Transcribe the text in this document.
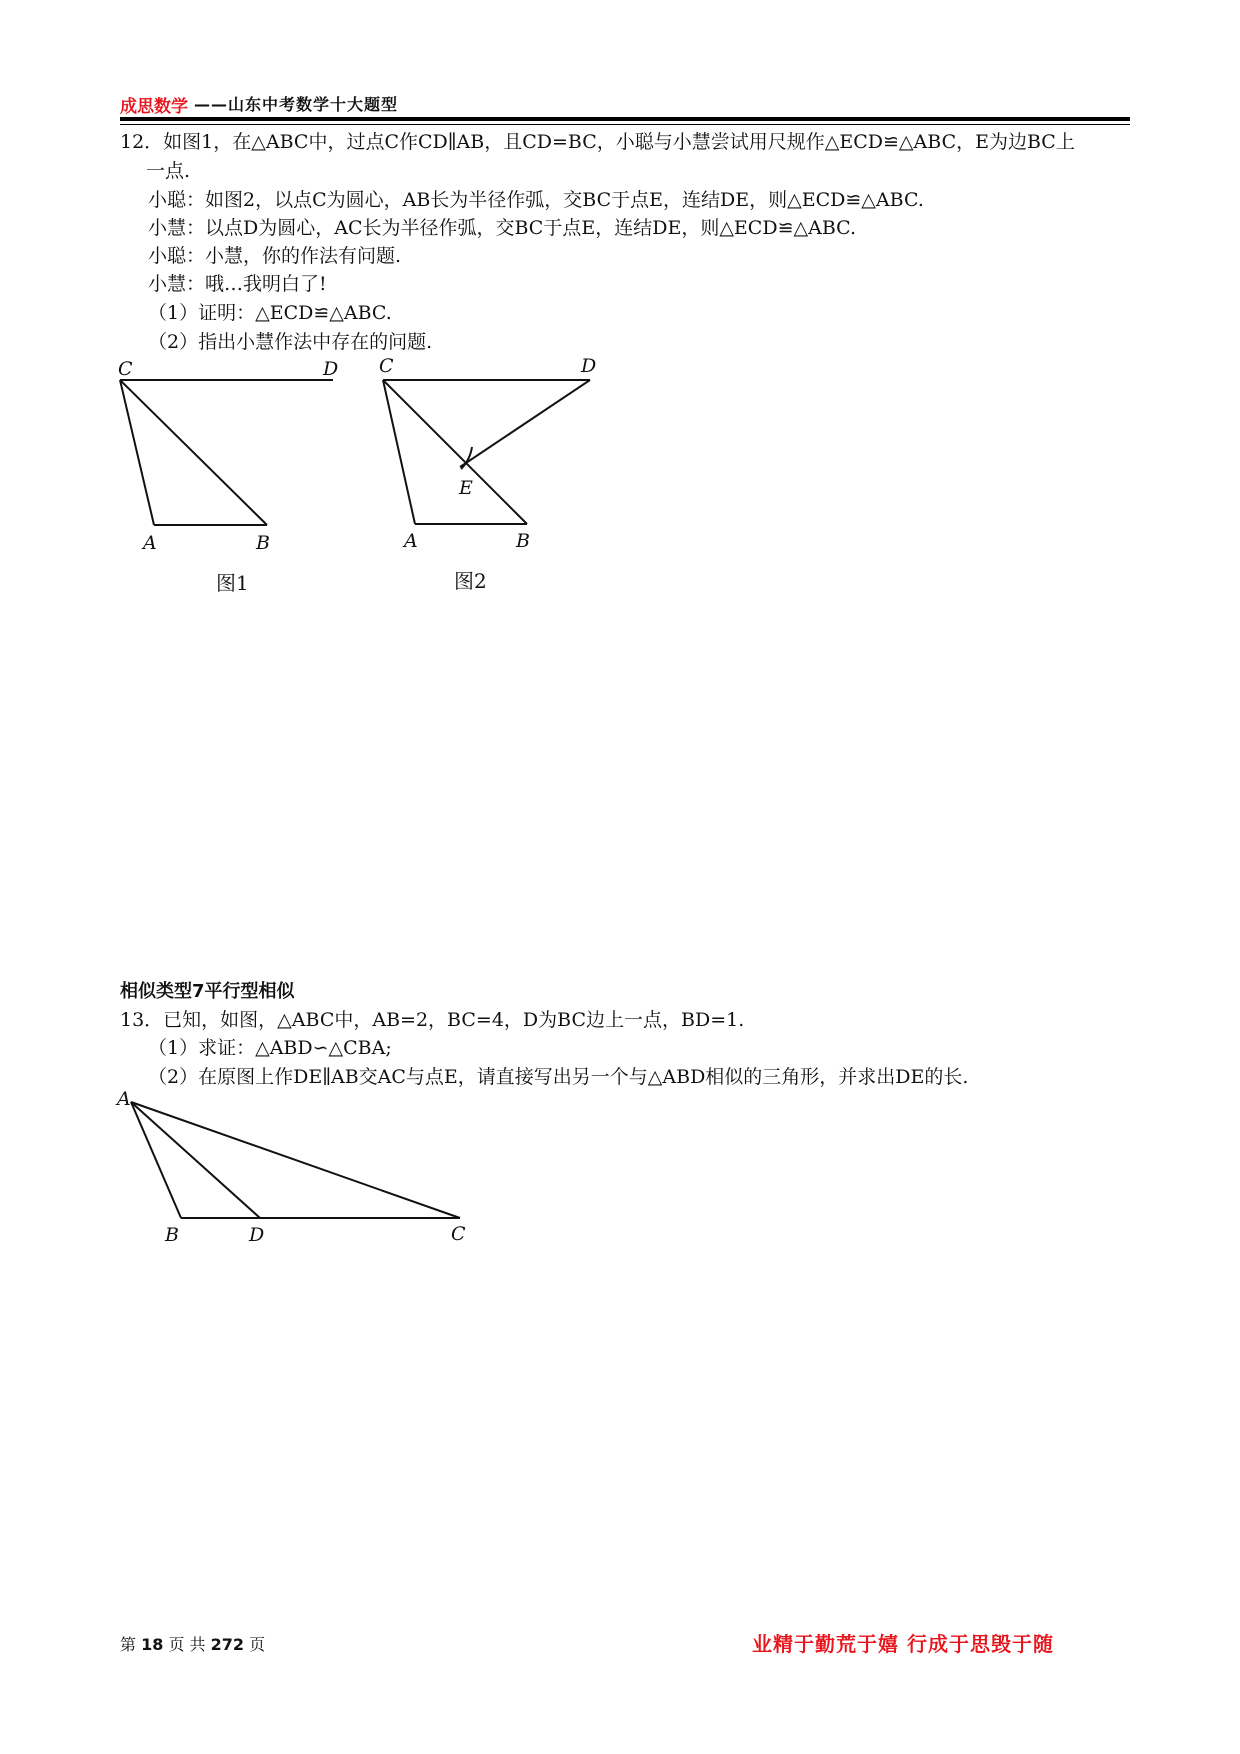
成思数学 ——山东中考数学十大题型
12．如图1，在△ABC中，过点C作CD∥AB，且CD=BC，小聪与小慧尝试用尺规作△ECD≌△ABC，E为边BC上
一点.
小聪：如图2，以点C为圆心，AB长为半径作弧，交BC于点E，连结DE，则△ECD≌△ABC.
小慧：以点D为圆心，AC长为半径作弧，交BC于点E，连结DE，则△ECD≌△ABC.
小聪：小慧，你的作法有问题.
小慧：哦…我明白了!
（1）证明：△ECD≌△ABC.
（2）指出小慧作法中存在的问题.
C	D
A	B
图1
C	D
E
A	B
图2
相似类型7平行型相似
13．已知，如图，△ABC中，AB=2，BC=4，D为BC边上一点，BD=1.
（1）求证：△ABD∽△CBA;
（2）在原图上作DE∥AB交AC与点E，请直接写出另一个与△ABD相似的三角形，并求出DE的长.
A
B	D	C
第 18 页 共 272 页	业精于勤荒于嬉 行成于思毁于随
